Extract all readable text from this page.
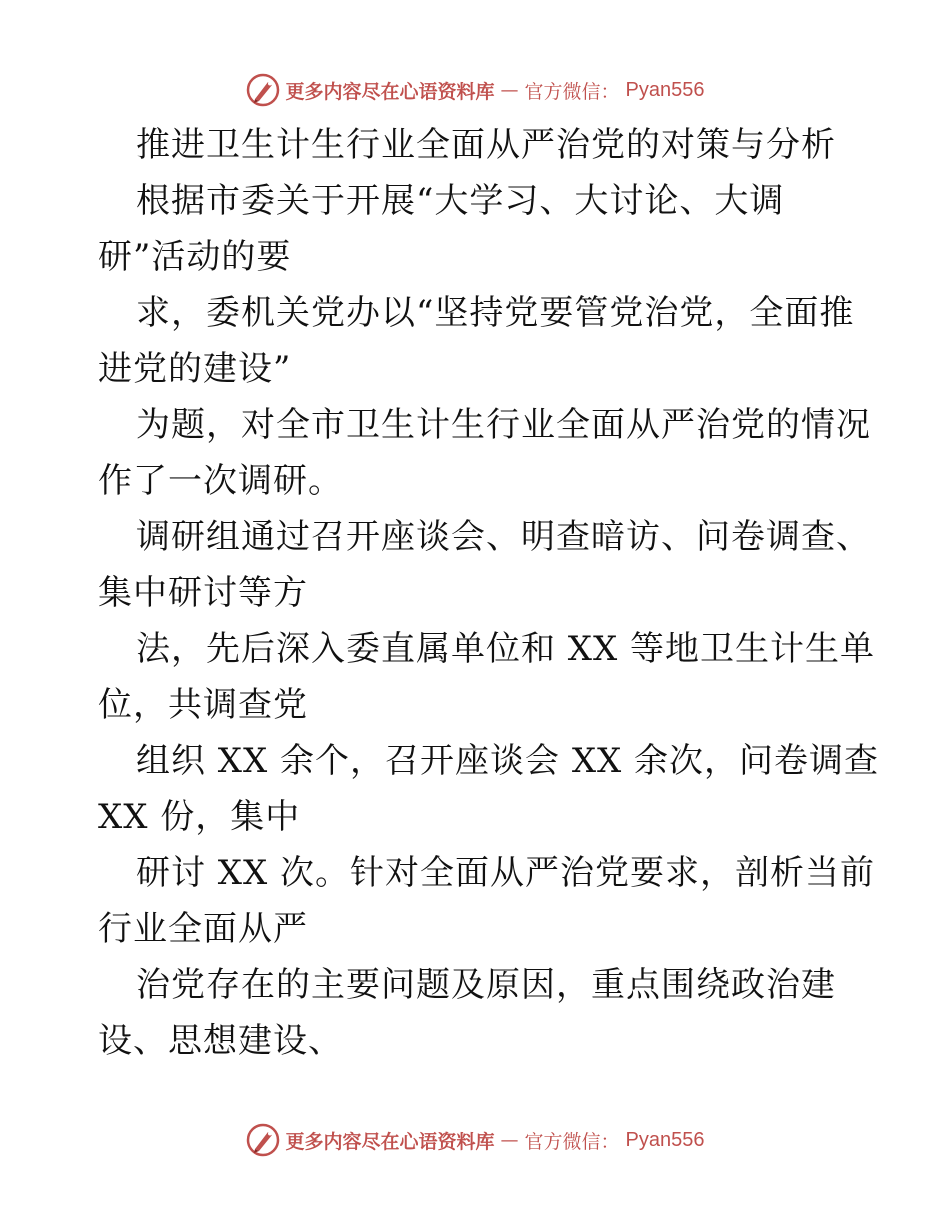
更多内容尽在心语资料库 — 官方微信： Pyan556
推进卫生计生行业全面从严治党的对策与分析
根据市委关于开展“大学习、大讨论、大调
研”活动的要
求，委机关党办以“坚持党要管党治党，全面推
进党的建设”
为题，对全市卫生计生行业全面从严治党的情况
作了一次调研。
调研组通过召开座谈会、明查暗访、问卷调查、
集中研讨等方
法，先后深入委直属单位和 XX 等地卫生计生单
位，共调查党
组织 XX 余个，召开座谈会 XX 余次，问卷调查
XX 份，集中
研讨 XX 次。针对全面从严治党要求，剖析当前
行业全面从严
治党存在的主要问题及原因，重点围绕政治建
设、思想建设、
更多内容尽在心语资料库 — 官方微信： Pyan556
